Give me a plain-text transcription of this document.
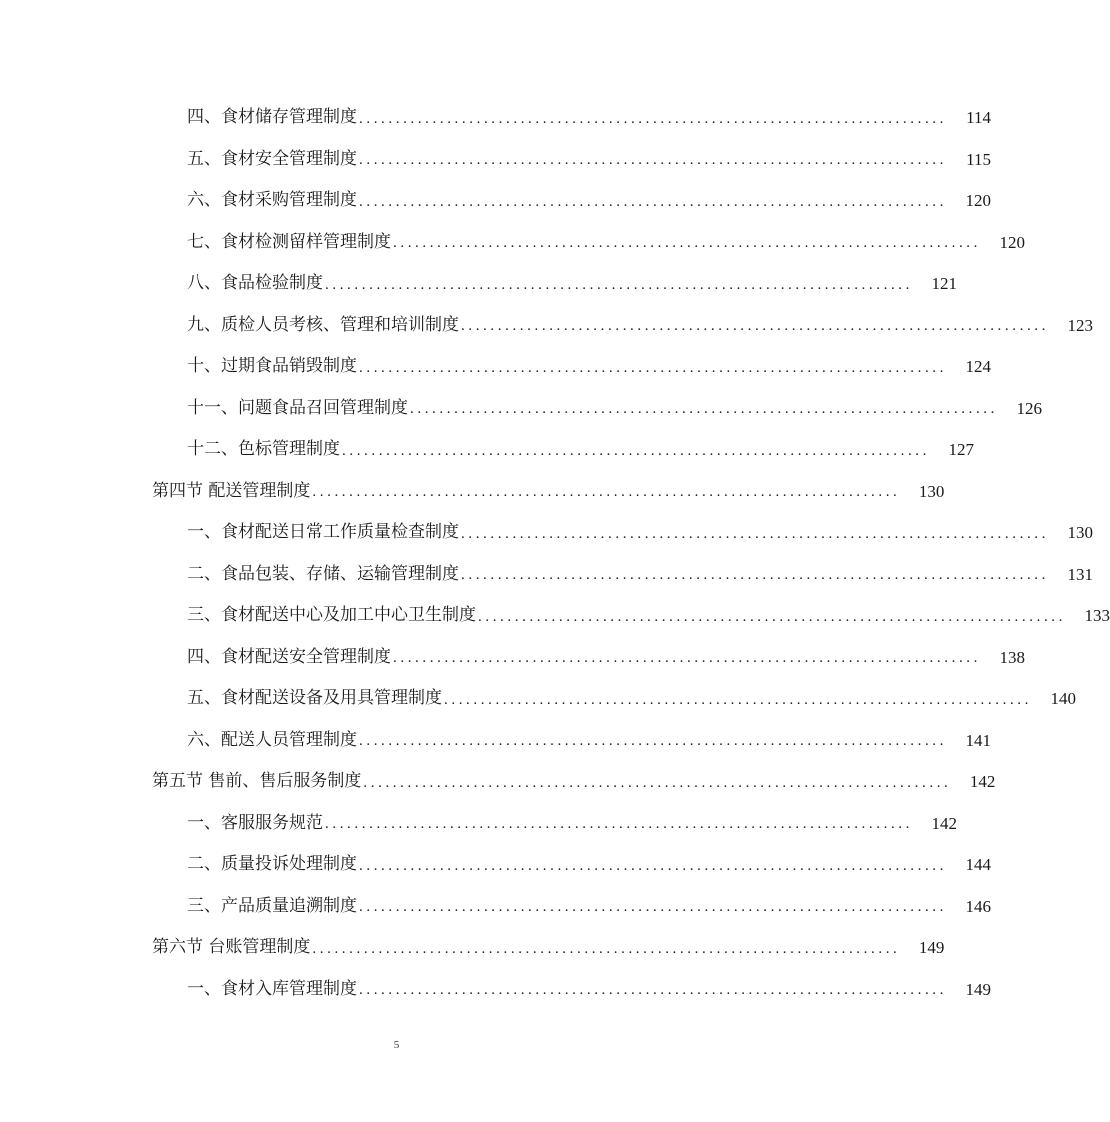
四、食材储存管理制度 ................................................................................	114
五、食材安全管理制度 ................................................................................	115
六、食材采购管理制度 ................................................................................	120
七、食材检测留样管理制度 ................................................................................	120
八、食品检验制度 ................................................................................	121
九、质检人员考核、管理和培训制度 ................................................................................	123
十、过期食品销毁制度 ................................................................................	124
十一、问题食品召回管理制度 ................................................................................	126
十二、色标管理制度 ................................................................................	127
第四节 配送管理制度 ................................................................................	130
一、食材配送日常工作质量检查制度 ................................................................................	130
二、食品包装、存储、运输管理制度 ................................................................................	131
三、食材配送中心及加工中心卫生制度 ................................................................................	133
四、食材配送安全管理制度 ................................................................................	138
五、食材配送设备及用具管理制度 ................................................................................	140
六、配送人员管理制度 ................................................................................	141
第五节 售前、售后服务制度 ................................................................................	142
一、客服服务规范 ................................................................................	142
二、质量投诉处理制度 ................................................................................	144
三、产品质量追溯制度 ................................................................................	146
第六节 台账管理制度 ................................................................................	149
一、食材入库管理制度 ................................................................................	149
5
